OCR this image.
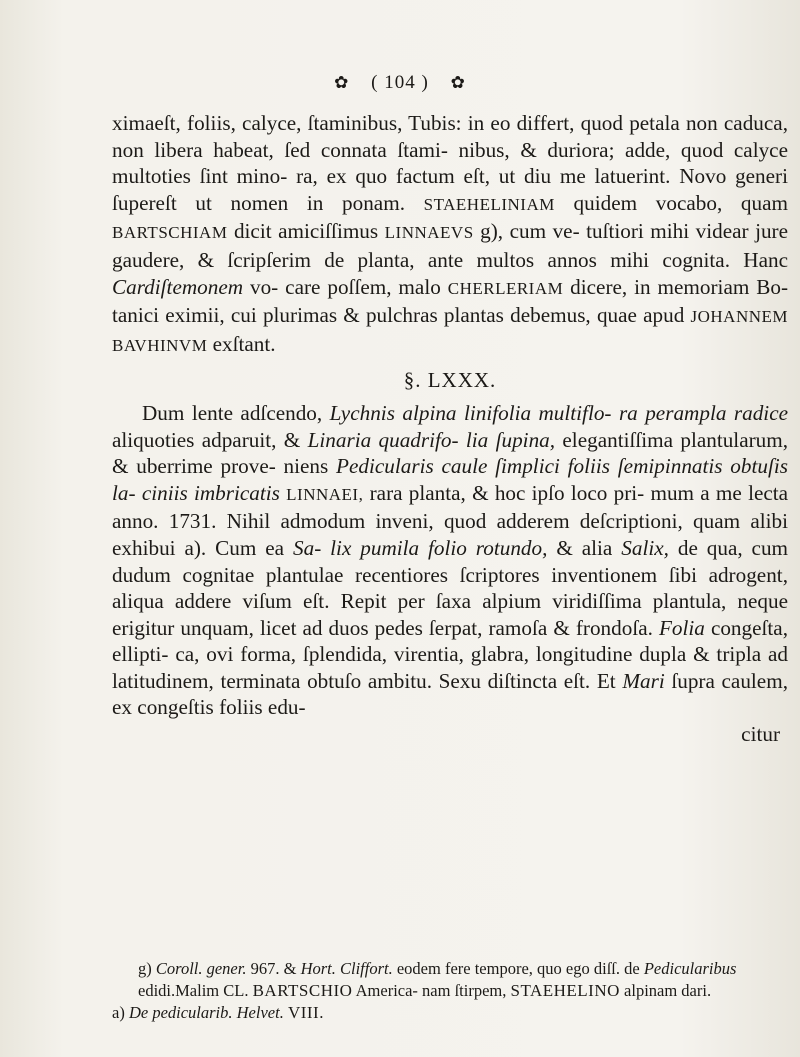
✿ ( 104 ) ✿

ximaeſt, foliis, calyce, ſtaminibus, Tubis: in eo differt, quod petala non caduca, non libera habeat, ſed connata ſtami- nibus, & duriora; adde, quod calyce multoties ſint mino- ra, ex quo factum eſt, ut diu me latuerint. Novo generi ſupereſt ut nomen in ponam. STAEHELINIAM quidem vocabo, quam BARTSCHIAM dicit amiciſſimus LINNAEVS g), cum ve- tuſtiori mihi videar jure gaudere, & ſcripſerim de planta, ante multos annos mihi cognita. Hanc Cardiſtemonem vo- care poſſem, malo CHERLERIAM dicere, in memoriam Bo- tanici eximii, cui plurimas & pulchras plantas debemus, quae apud JOHANNEM BAVHINVM exſtant.

§. LXXX.

Dum lente adſcendo, Lychnis alpina linifolia multiflo- ra perampla radice aliquoties adparuit, & Linaria quadrifo- lia ſupina, elegantiſſima plantularum, & uberrime prove- niens Pedicularis caule ſimplici foliis ſemipinnatis obtuſis la- ciniis imbricatis LINNAEI, rara planta, & hoc ipſo loco pri- mum a me lecta anno. 1731. Nihil admodum inveni, quod adderem deſcriptioni, quam alibi exhibui a). Cum ea Sa- lix pumila folio rotundo, & alia Salix, de qua, cum dudum cognitae plantulae recentiores ſcriptores inventionem ſibi adrogent, aliqua addere viſum eſt. Repit per ſaxa alpium viridiſſima plantula, neque erigitur unquam, licet ad duos pedes ſerpat, ramoſa & frondoſa. Folia congeſta, ellipti- ca, ovi forma, ſplendida, virentia, glabra, longitudine dupla & tripla ad latitudinem, terminata obtuſo ambitu. Sexu diſtincta eſt. Et Mari ſupra caulem, ex congeſtis foliis edu-

citur

g) Coroll. gener. 967. & Hort. Cliffort. eodem fere tempore, quo ego diſſ. de Pedicularibus edidi.Malim CL. BARTSCHIO America- nam ſtirpem, STAEHELINO alpinam dari.

a) De pedicularib. Helvet. VIII.
